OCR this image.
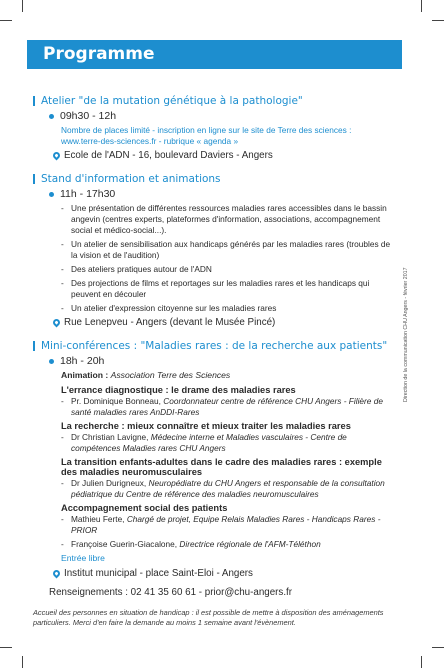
Programme
Atelier "de la mutation génétique à la pathologie"
09h30 - 12h
Nombre de places limité - inscription en ligne sur le site de Terre des sciences : www.terre-des-sciences.fr - rubrique « agenda »
Ecole de l'ADN - 16, boulevard Daviers - Angers
Stand d'information et animations
11h - 17h30
- Une présentation de différentes ressources maladies rares accessibles dans le bassin angevin (centres experts, plateformes d'information, associations, accompagnement social et médico-social...).
- Un atelier de sensibilisation aux handicaps générés par les maladies rares (troubles de la vision et de l'audition)
- Des ateliers pratiques autour de l'ADN
- Des projections de films et reportages sur les maladies rares et les handicaps qui peuvent en découler
- Un atelier d'expression citoyenne sur les maladies rares
Rue Lenepveu - Angers (devant le Musée Pincé)
Mini-conférences : "Maladies rares : de la recherche aux patients"
18h - 20h
Animation : Association Terre des Sciences
L'errance diagnostique : le drame des maladies rares
- Pr. Dominique Bonneau, Coordonnateur centre de référence CHU Angers - Filière de santé maladies rares AnDDI-Rares
La recherche : mieux connaître et mieux traiter les maladies rares
- Dr Christian Lavigne, Médecine interne et Maladies vasculaires - Centre de compétences Maladies rares CHU Angers
La transition enfants-adultes dans le cadre des maladies rares : exemple des maladies neuromusculaires
- Dr Julien Durigneux, Neuropédiatre du CHU Angers et responsable de la consultation pédiatrique du Centre de référence des maladies neuromusculaires
Accompagnement social des patients
- Mathieu Ferte, Chargé de projet, Equipe Relais Maladies Rares - Handicaps Rares - PRIOR
- Françoise Guerin-Giacalone, Directrice régionale de l'AFM-Téléthon
Entrée libre
Institut municipal - place Saint-Eloi - Angers
Renseignements : 02 41 35 60 61 - prior@chu-angers.fr
Accueil des personnes en situation de handicap : il est possible de mettre à disposition des aménagements particuliers. Merci d'en faire la demande au moins 1 semaine avant l'évènement.
Direction de la communication CHU Angers - février 2017
